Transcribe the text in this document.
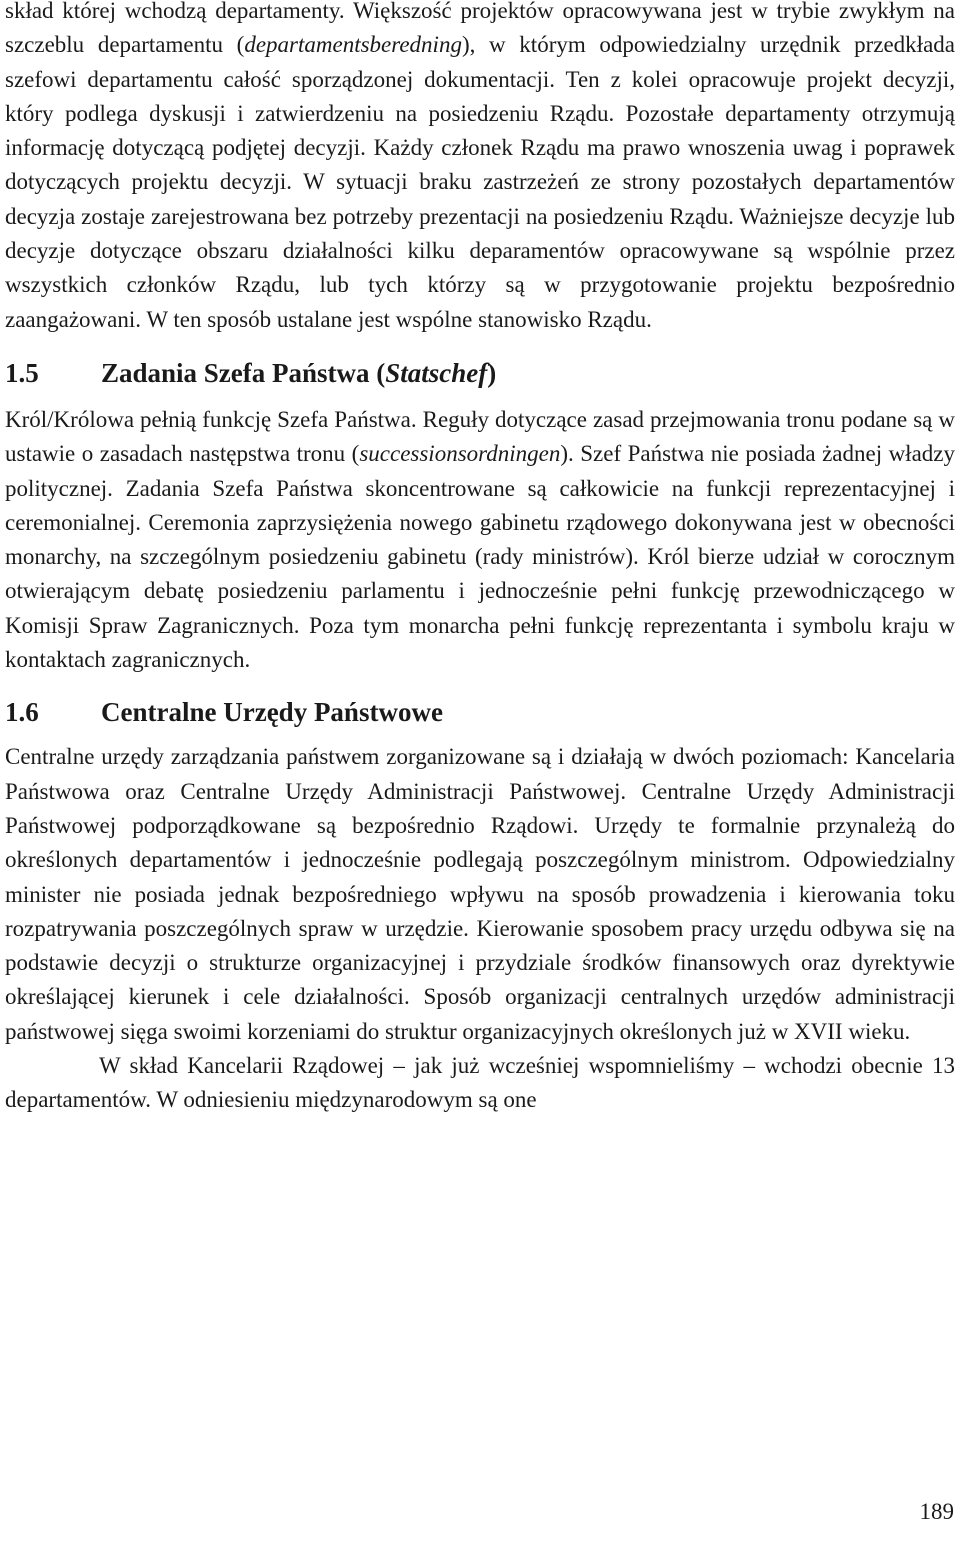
skład której wchodzą departamenty. Większość projektów opracowywana jest w trybie zwykłym na szczeblu departamentu (departamentsberedning), w którym odpowiedzialny urzędnik przedkłada szefowi departamentu całość sporządzonej dokumentacji. Ten z kolei opracowuje projekt decyzji, który podlega dyskusji i zatwierdzeniu na posiedzeniu Rządu. Pozostałe departamenty otrzymują informację dotyczącą podjętej decyzji. Każdy członek Rządu ma prawo wnoszenia uwag i poprawek dotyczących projektu decyzji. W sytuacji braku zastrzeżeń ze strony pozostałych departamentów decyzja zostaje zarejestrowana bez potrzeby prezentacji na posiedzeniu Rządu. Ważniejsze decyzje lub decyzje dotyczące obszaru działalności kilku deparamentów opracowywane są wspólnie przez wszystkich członków Rządu, lub tych którzy są w przygotowanie projektu bezpośrednio zaangażowani. W ten sposób ustalane jest wspólne stanowisko Rządu.

1.5	Zadania Szefa Państwa (Statschef)

Król/Królowa pełnią funkcję Szefa Państwa. Reguły dotyczące zasad przejmowania tronu podane są w ustawie o zasadach następstwa tronu (successionsordningen). Szef Państwa nie posiada żadnej władzy politycznej. Zadania Szefa Państwa skoncentrowane są całkowicie na funkcji reprezentacyjnej i ceremonialnej. Ceremonia zaprzysiężenia nowego gabinetu rządowego dokonywana jest w obecności monarchy, na szczególnym posiedzeniu gabinetu (rady ministrów). Król bierze udział w corocznym otwierającym debatę posiedzeniu parlamentu i jednocześnie pełni funkcję przewodniczącego w Komisji Spraw Zagranicznych. Poza tym monarcha pełni funkcję reprezentanta i symbolu kraju w kontaktach zagranicznych.

1.6	Centralne Urzędy Państwowe

Centralne urzędy zarządzania państwem zorganizowane są i działają w dwóch poziomach: Kancelaria Państwowa oraz Centralne Urzędy Administracji Państwowej. Centralne Urzędy Administracji Państwowej podporządkowane są bezpośrednio Rządowi. Urzędy te formalnie przynależą do określonych departamentów i jednocześnie podlegają poszczególnym ministrom. Odpowiedzialny minister nie posiada jednak bezpośredniego wpływu na sposób prowadzenia i kierowania toku rozpatrywania poszczególnych spraw w urzędzie. Kierowanie sposobem pracy urzędu odbywa się na podstawie decyzji o strukturze organizacyjnej i przydziale środków finansowych oraz dyrektywie określającej kierunek i cele działalności. Sposób organizacji centralnych urzędów administracji państwowej sięga swoimi korzeniami do struktur organizacyjnych określonych już w XVII wieku.

W skład Kancelarii Rządowej – jak już wcześniej wspomnieliśmy – wchodzi obecnie 13 departamentów. W odniesieniu międzynarodowym są one

189
